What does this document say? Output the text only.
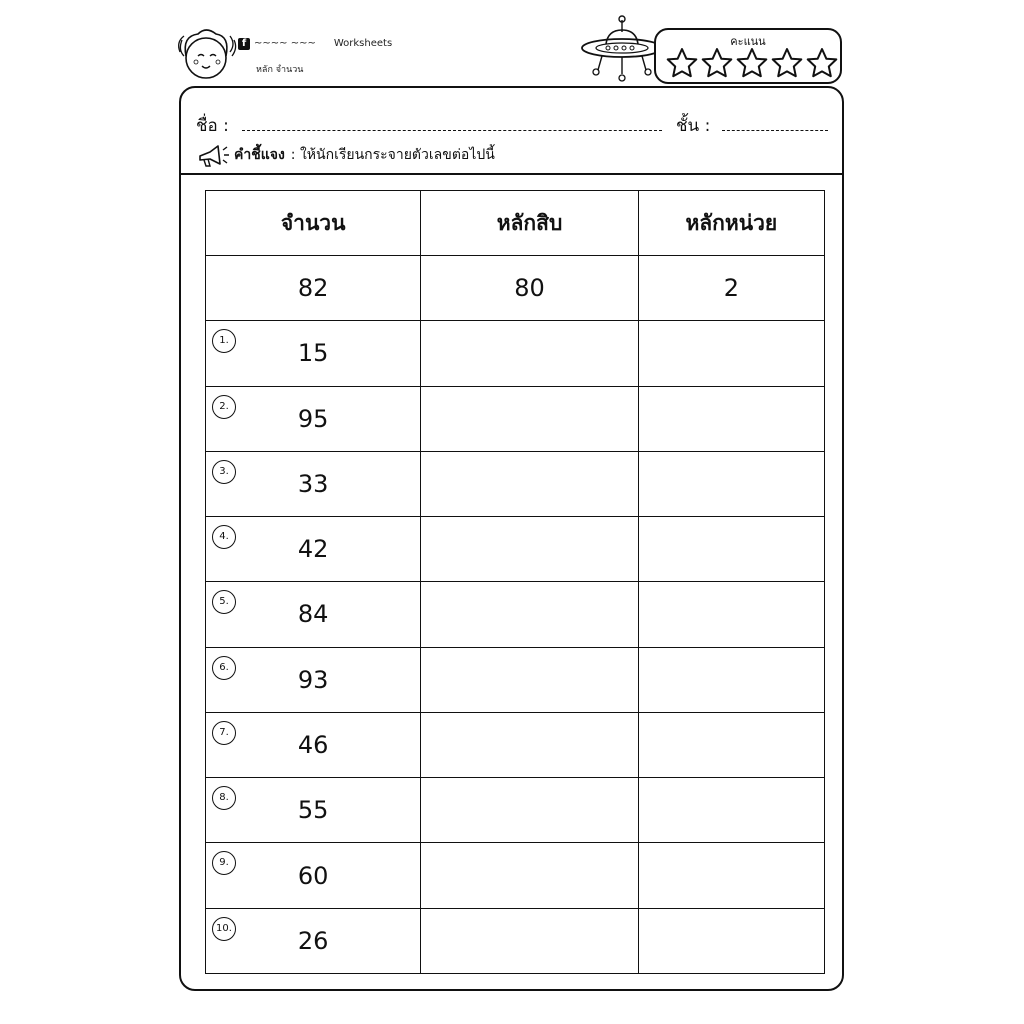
f ~~~~ ~~~ Worksheets
หลัก จำนวน
คะแนน
ชื่อ :	ชั้น :
คำชี้แจง : ให้นักเรียนกระจายตัวเลขต่อไปนี้
จำนวน	หลักสิบ	หลักหน่วย
82	80	2

1. 15		

2. 95		

3. 33		

4. 42		

5. 84		

6. 93		

7. 46		

8. 55		

9. 60		

10. 26		
